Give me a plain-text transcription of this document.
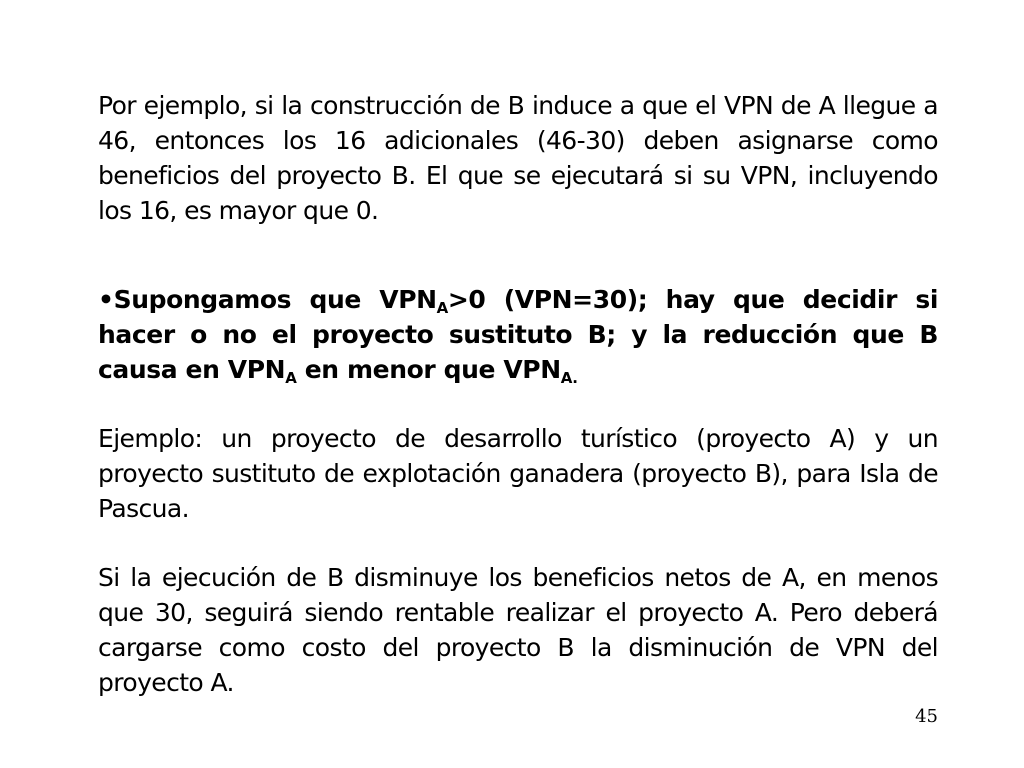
Por ejemplo, si la construcción de B induce a que el VPN de A llegue a 46, entonces los 16 adicionales (46-30) deben asignarse como beneficios del proyecto B. El que se ejecutará si su VPN, incluyendo los 16, es mayor que 0.

•Supongamos que $VPN_A>0$ (VPN=30); hay que decidir si hacer o no el proyecto sustituto B; y la reducción que B causa en $VPN_A$ en menor que $VPN_{A.}$

Ejemplo: un proyecto de desarrollo turístico (proyecto A) y un proyecto sustituto de explotación ganadera (proyecto B), para Isla de Pascua.

Si la ejecución de B disminuye los beneficios netos de A, en menos que 30, seguirá siendo rentable realizar el proyecto A. Pero deberá cargarse como costo del proyecto B la disminución de VPN del proyecto A.

45
